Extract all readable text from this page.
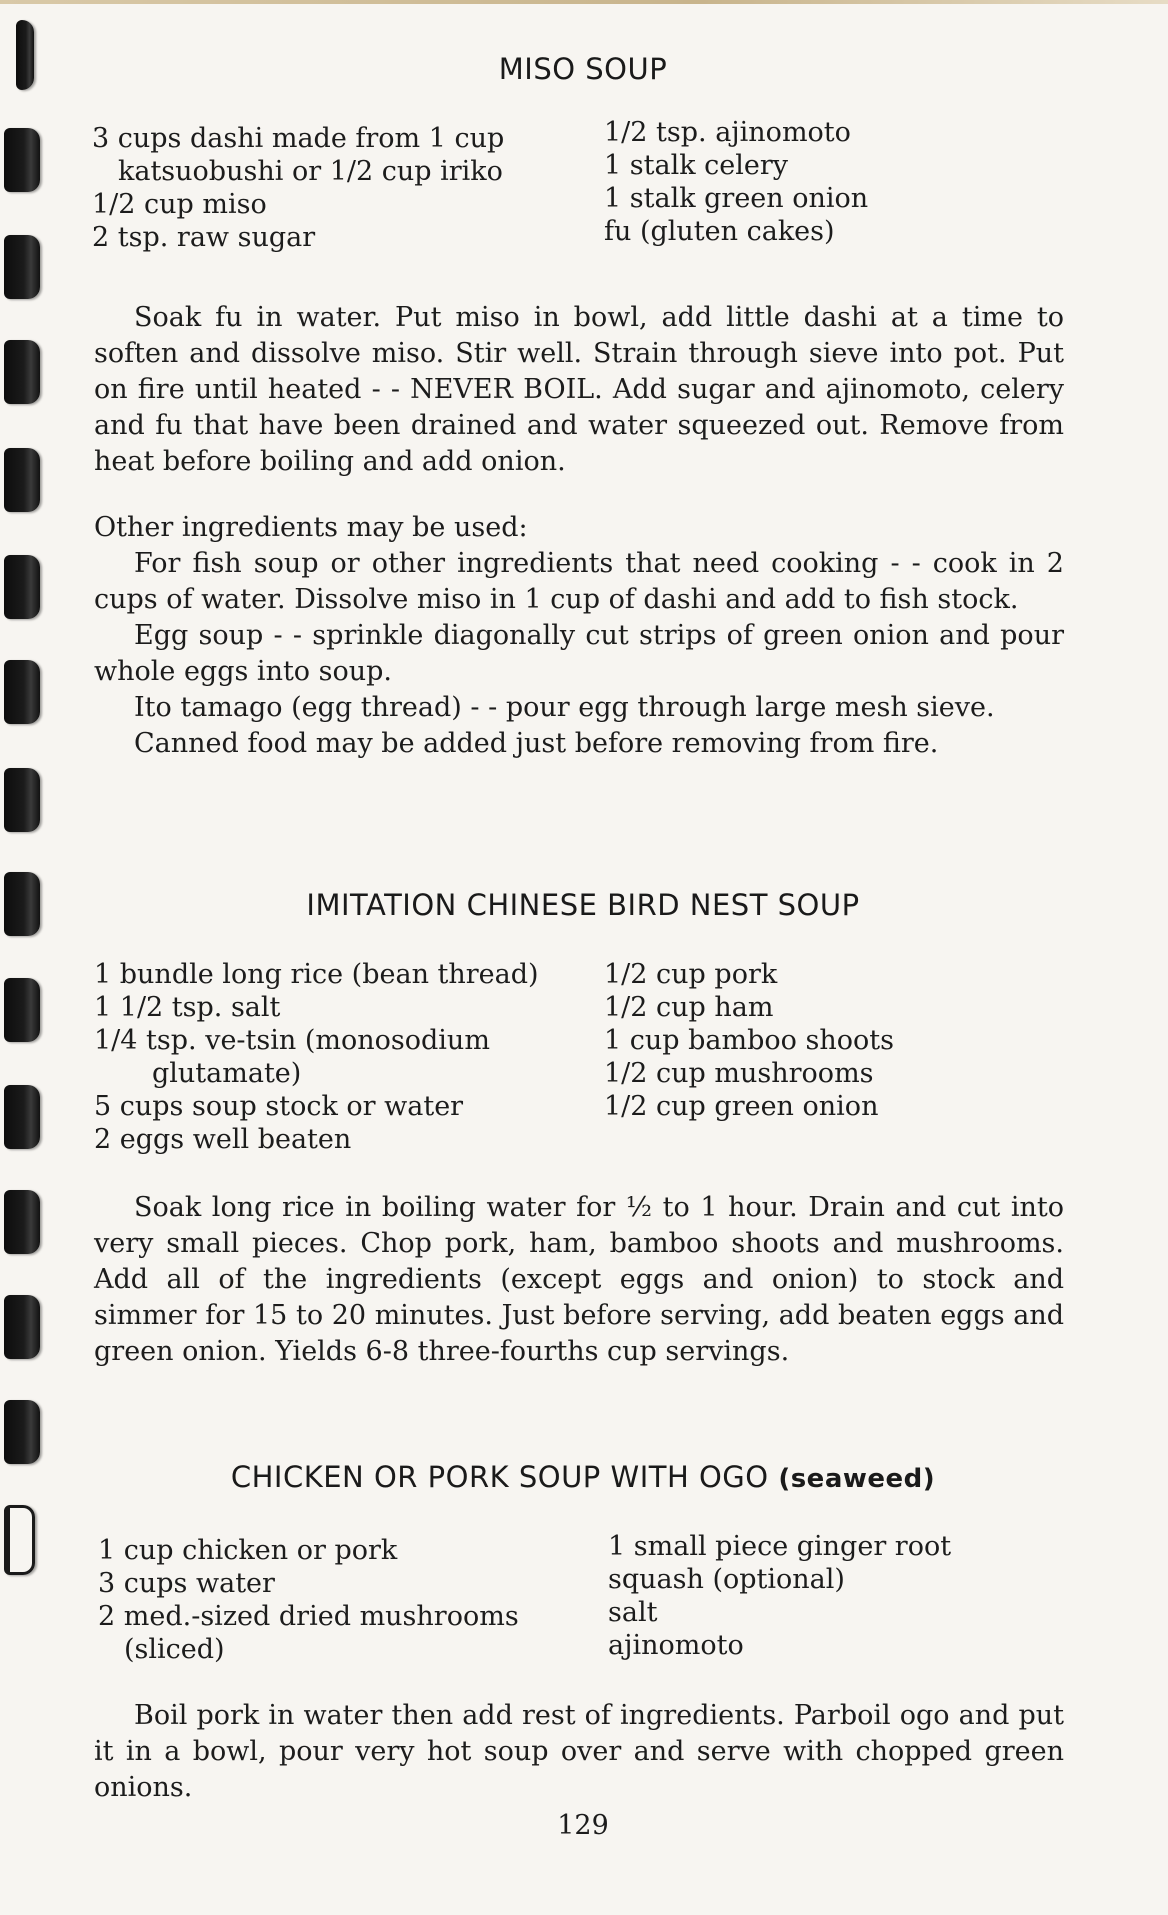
MISO SOUP
3 cups dashi made from 1 cup
katsuobushi or 1/2 cup iriko
1/2 cup miso
2 tsp. raw sugar
1/2 tsp. ajinomoto
1 stalk celery
1 stalk green onion
fu (gluten cakes)
Soak fu in water. Put miso in bowl, add little dashi at a time to soften and dissolve miso. Stir well. Strain through sieve into pot. Put on fire until heated - - NEVER BOIL. Add sugar and ajinomoto, celery and fu that have been drained and water squeezed out. Remove from heat before boiling and add onion.
Other ingredients may be used:
For fish soup or other ingredients that need cooking - - cook in 2 cups of water. Dissolve miso in 1 cup of dashi and add to fish stock.
Egg soup - - sprinkle diagonally cut strips of green onion and pour whole eggs into soup.
Ito tamago (egg thread) - - pour egg through large mesh sieve.
Canned food may be added just before removing from fire.
IMITATION CHINESE BIRD NEST SOUP
1 bundle long rice (bean thread)
1 1/2 tsp. salt
1/4 tsp. ve-tsin (monosodium
glutamate)
5 cups soup stock or water
2 eggs well beaten
1/2 cup pork
1/2 cup ham
1 cup bamboo shoots
1/2 cup mushrooms
1/2 cup green onion
Soak long rice in boiling water for ½ to 1 hour. Drain and cut into very small pieces. Chop pork, ham, bamboo shoots and mushrooms. Add all of the ingredients (except eggs and onion) to stock and simmer for 15 to 20 minutes. Just before serving, add beaten eggs and green onion. Yields 6-8 three-fourths cup servings.
CHICKEN OR PORK SOUP WITH OGO (seaweed)
1 cup chicken or pork
3 cups water
2 med.-sized dried mushrooms
(sliced)
1 small piece ginger root
squash (optional)
salt
ajinomoto
Boil pork in water then add rest of ingredients. Parboil ogo and put it in a bowl, pour very hot soup over and serve with chopped green onions.
129
